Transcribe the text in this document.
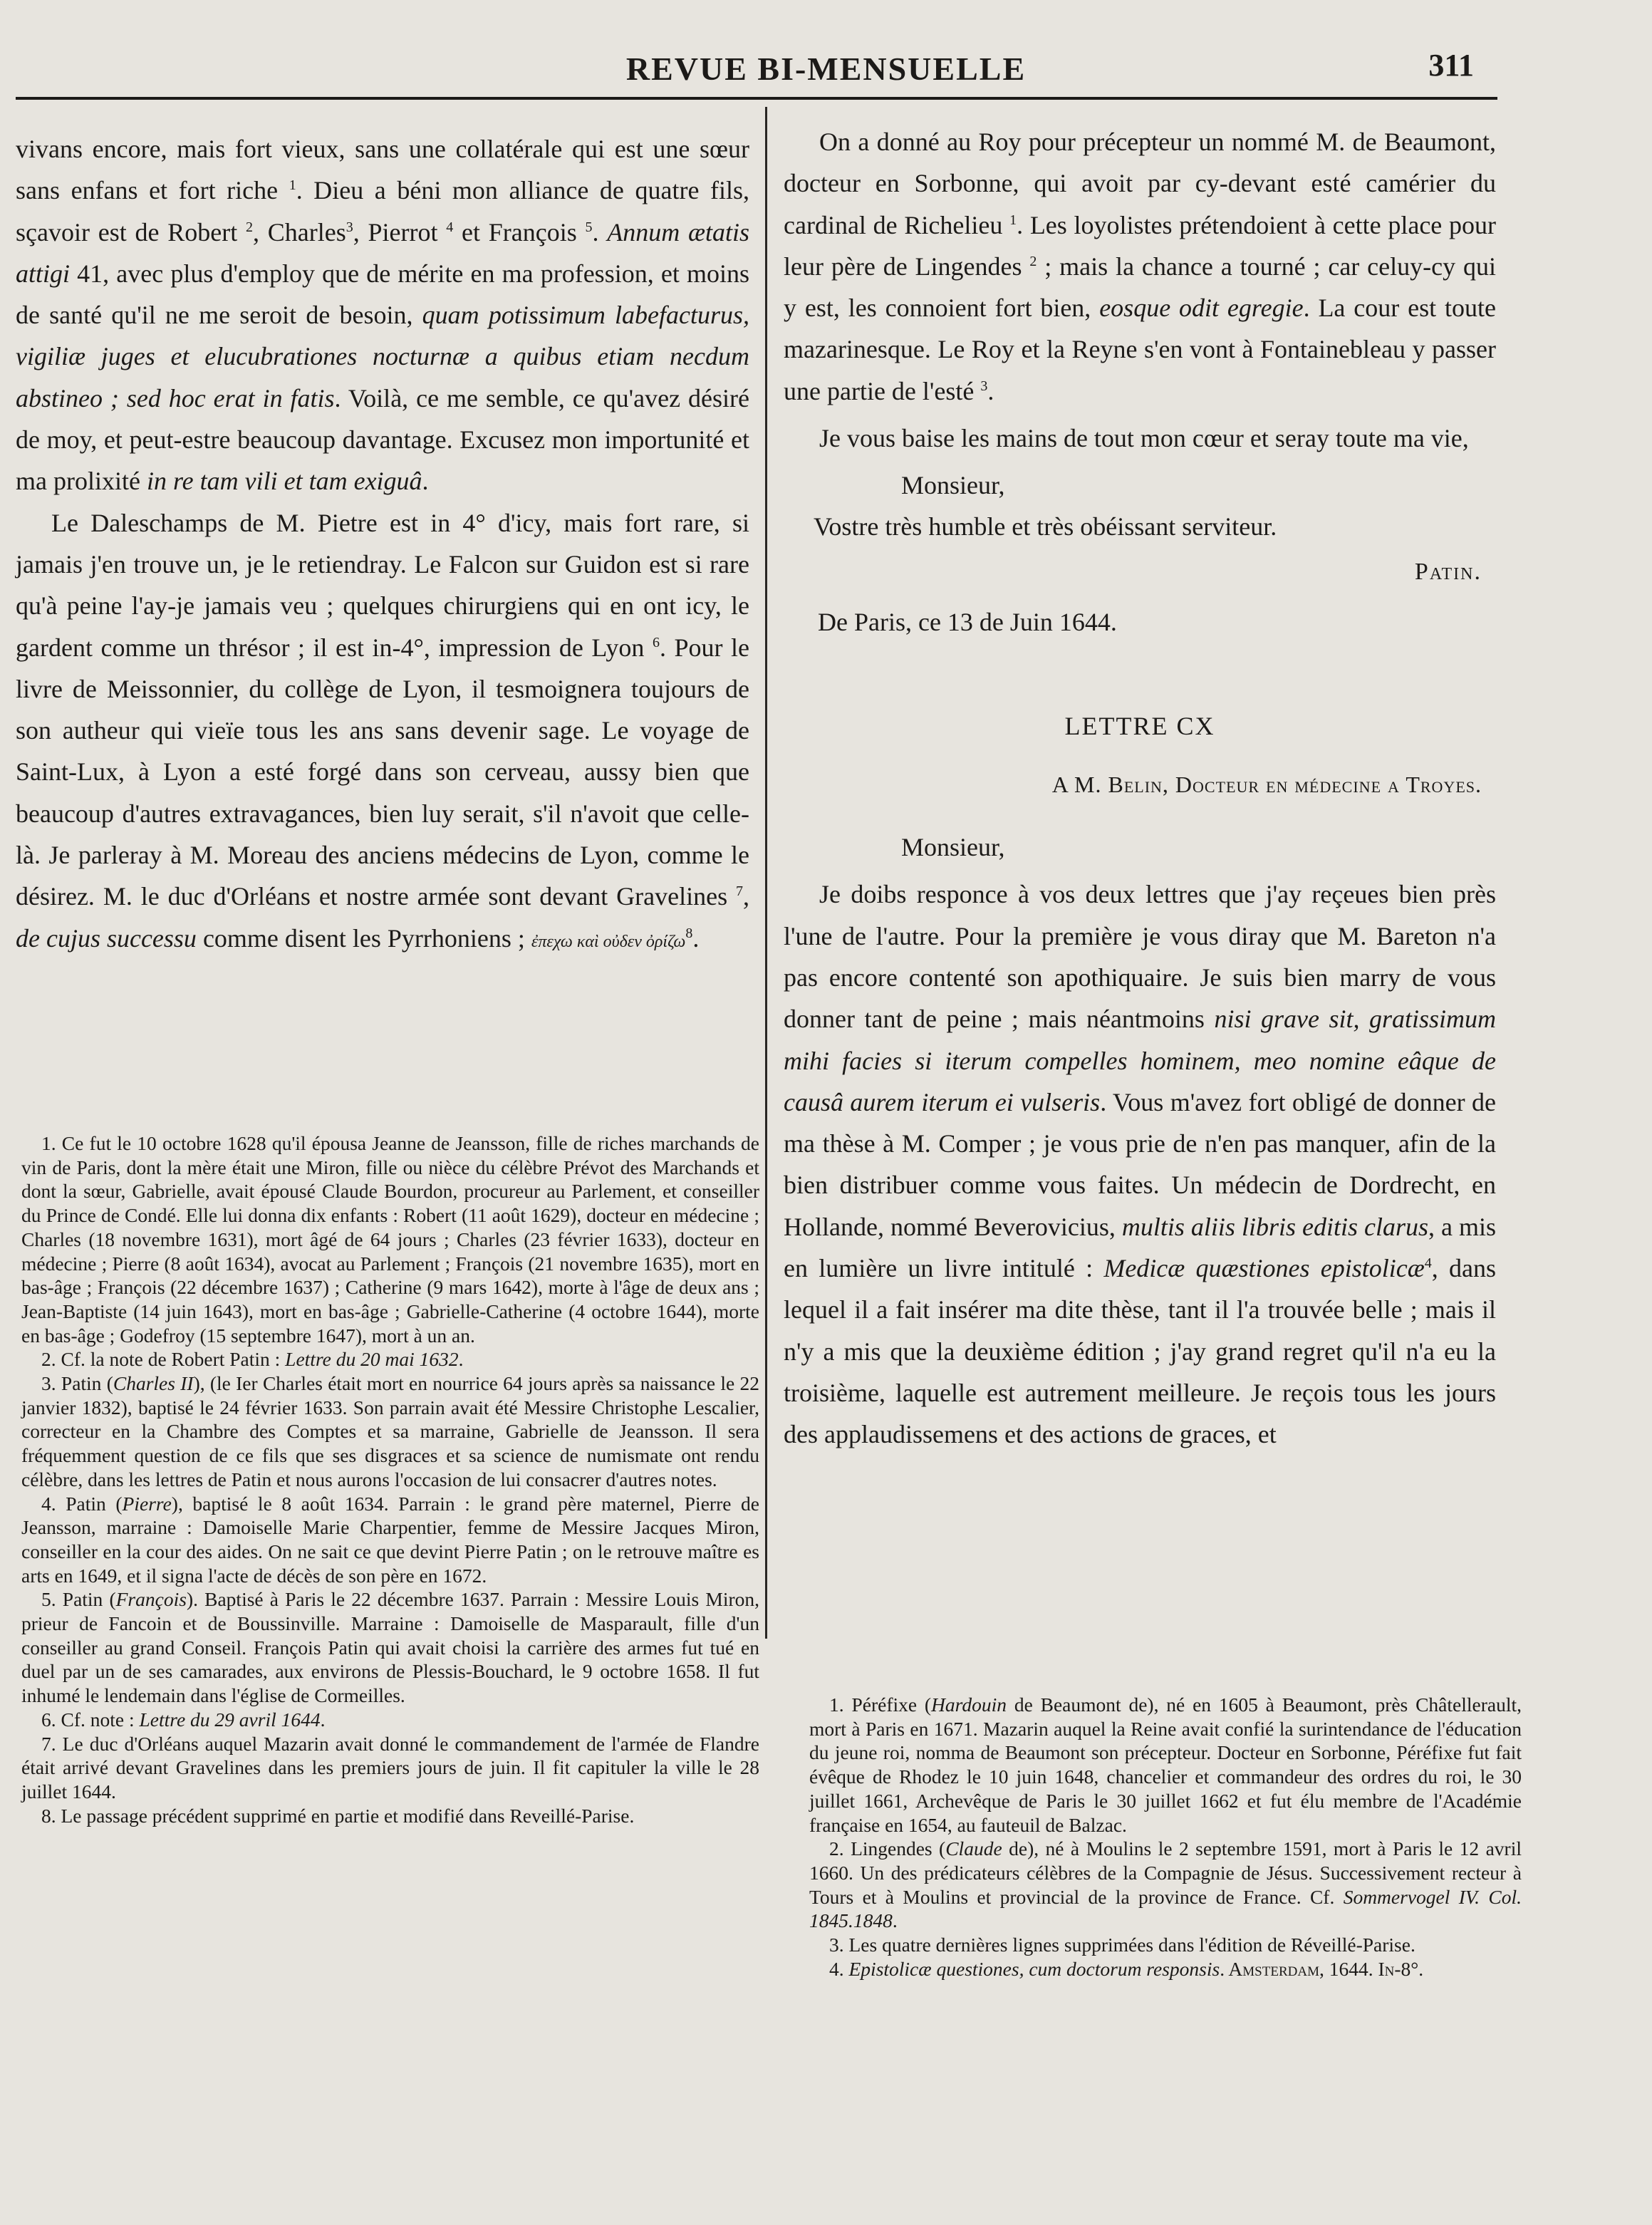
REVUE BI-MENSUELLE	311

vivans encore, mais fort vieux, sans une collatérale qui est une sœur sans enfans et fort riche $^1$. Dieu a béni mon alliance de quatre fils, sçavoir est de Robert $^2$, Charles$^3$, Pierrot $^4$ et François $^5$. Annum ætatis attigi 41, avec plus d'employ que de mérite en ma profession, et moins de santé qu'il ne me seroit de besoin, quam potissimum labefacturus, vigiliæ juges et elucubrationes nocturnæ a quibus etiam necdum abstineo ; sed hoc erat in fatis. Voilà, ce me semble, ce qu'avez désiré de moy, et peut-estre beaucoup davantage. Excusez mon importunité et ma prolixité in re tam vili et tam exiguâ.

Le Daleschamps de M. Pietre est in 4° d'icy, mais fort rare, si jamais j'en trouve un, je le retiendray. Le Falcon sur Guidon est si rare qu'à peine l'ay-je jamais veu ; quelques chirurgiens qui en ont icy, le gardent comme un thrésor ; il est in-4°, impression de Lyon $^6$. Pour le livre de Meissonnier, du collège de Lyon, il tesmoignera toujours de son autheur qui vieïe tous les ans sans devenir sage. Le voyage de Saint-Lux, à Lyon a esté forgé dans son cerveau, aussy bien que beaucoup d'autres extravagances, bien luy serait, s'il n'avoit que celle-là. Je parleray à M. Moreau des anciens médecins de Lyon, comme le désirez. M. le duc d'Orléans et nostre armée sont devant Gravelines $^7$, de cujus successu comme disent les Pyrrhoniens ; ἐπεχω καὶ οὐδεν ὀρίζω$^8$.

On a donné au Roy pour précepteur un nommé M. de Beaumont, docteur en Sorbonne, qui avoit par cy-devant esté camérier du cardinal de Richelieu $^1$. Les loyolistes prétendoient à cette place pour leur père de Lingendes $^2$ ; mais la chance a tourné ; car celuy-cy qui y est, les connoient fort bien, eosque odit egregie. La cour est toute mazarinesque. Le Roy et la Reyne s'en vont à Fontainebleau y passer une partie de l'esté $^3$.

Je vous baise les mains de tout mon cœur et seray toute ma vie,

Monsieur,

Vostre très humble et très obéissant serviteur.

Patin.

De Paris, ce 13 de Juin 1644.

LETTRE CX

A M. Belin, Docteur en médecine a Troyes.

Monsieur,

Je doibs responce à vos deux lettres que j'ay reçeues bien près l'une de l'autre. Pour la première je vous diray que M. Bareton n'a pas encore contenté son apothiquaire. Je suis bien marry de vous donner tant de peine ; mais néantmoins nisi grave sit, gratissimum mihi facies si iterum compelles hominem, meo nomine eâque de causâ aurem iterum ei vulseris. Vous m'avez fort obligé de donner de ma thèse à M. Comper ; je vous prie de n'en pas manquer, afin de la bien distribuer comme vous faites. Un médecin de Dordrecht, en Hollande, nommé Beverovicius, multis aliis libris editis clarus, a mis en lumière un livre intitulé : Medicæ quæstiones epistolicæ$^4$, dans lequel il a fait insérer ma dite thèse, tant il l'a trouvée belle ; mais il n'y a mis que la deuxième édition ; j'ay grand regret qu'il n'a eu la troisième, laquelle est autrement meilleure. Je reçois tous les jours des applaudissemens et des actions de graces, et

1. Ce fut le 10 octobre 1628 qu'il épousa Jeanne de Jeansson, fille de riches marchands de vin de Paris, dont la mère était une Miron, fille ou nièce du célèbre Prévot des Marchands et dont la sœur, Gabrielle, avait épousé Claude Bourdon, procureur au Parlement, et conseiller du Prince de Condé. Elle lui donna dix enfants : Robert (11 août 1629), docteur en médecine ; Charles (18 novembre 1631), mort âgé de 64 jours ; Charles (23 février 1633), docteur en médecine ; Pierre (8 août 1634), avocat au Parlement ; François (21 novembre 1635), mort en bas-âge ; François (22 décembre 1637) ; Catherine (9 mars 1642), morte à l'âge de deux ans ; Jean-Baptiste (14 juin 1643), mort en bas-âge ; Gabrielle-Catherine (4 octobre 1644), morte en bas-âge ; Godefroy (15 septembre 1647), mort à un an.

2. Cf. la note de Robert Patin : Lettre du 20 mai 1632.

3. Patin (Charles II), (le Ier Charles était mort en nourrice 64 jours après sa naissance le 22 janvier 1832), baptisé le 24 février 1633. Son parrain avait été Messire Christophe Lescalier, correcteur en la Chambre des Comptes et sa marraine, Gabrielle de Jeansson. Il sera fréquemment question de ce fils que ses disgraces et sa science de numismate ont rendu célèbre, dans les lettres de Patin et nous aurons l'occasion de lui consacrer d'autres notes.

4. Patin (Pierre), baptisé le 8 août 1634. Parrain : le grand père maternel, Pierre de Jeansson, marraine : Damoiselle Marie Charpentier, femme de Messire Jacques Miron, conseiller en la cour des aides. On ne sait ce que devint Pierre Patin ; on le retrouve maître es arts en 1649, et il signa l'acte de décès de son père en 1672.

5. Patin (François). Baptisé à Paris le 22 décembre 1637. Parrain : Messire Louis Miron, prieur de Fancoin et de Boussinville. Marraine : Damoiselle de Masparault, fille d'un conseiller au grand Conseil. François Patin qui avait choisi la carrière des armes fut tué en duel par un de ses camarades, aux environs de Plessis-Bouchard, le 9 octobre 1658. Il fut inhumé le lendemain dans l'église de Cormeilles.

6. Cf. note : Lettre du 29 avril 1644.

7. Le duc d'Orléans auquel Mazarin avait donné le commandement de l'armée de Flandre était arrivé devant Gravelines dans les premiers jours de juin. Il fit capituler la ville le 28 juillet 1644.

8. Le passage précédent supprimé en partie et modifié dans Reveillé-Parise.

1. Péréfixe (Hardouin de Beaumont de), né en 1605 à Beaumont, près Châtellerault, mort à Paris en 1671. Mazarin auquel la Reine avait confié la surintendance de l'éducation du jeune roi, nomma de Beaumont son précepteur. Docteur en Sorbonne, Péréfixe fut fait évêque de Rhodez le 10 juin 1648, chancelier et commandeur des ordres du roi, le 30 juillet 1661, Archevêque de Paris le 30 juillet 1662 et fut élu membre de l'Académie française en 1654, au fauteuil de Balzac.

2. Lingendes (Claude de), né à Moulins le 2 septembre 1591, mort à Paris le 12 avril 1660. Un des prédicateurs célèbres de la Compagnie de Jésus. Successivement recteur à Tours et à Moulins et provincial de la province de France. Cf. Sommervogel IV. Col. 1845.1848.

3. Les quatre dernières lignes supprimées dans l'édition de Réveillé-Parise.

4. Epistolicæ questiones, cum doctorum responsis. Amsterdam, 1644. In-8°.
